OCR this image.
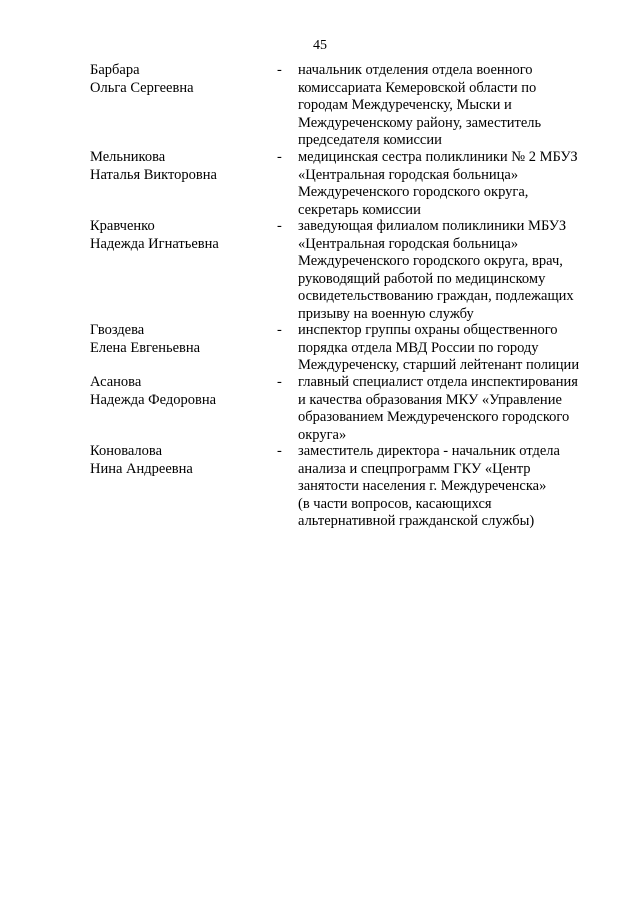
45
Барбара
Ольга Сергеевна
- начальник отделения отдела военного
комиссариата Кемеровской области по
городам Междуреченску, Мыски и
Междуреченскому району, заместитель
председателя комиссии
Мельникова
Наталья Викторовна
- медицинская сестра поликлиники № 2 МБУЗ
«Центральная городская больница»
Междуреченского городского округа,
секретарь комиссии
Кравченко
Надежда Игнатьевна
- заведующая филиалом поликлиники МБУЗ
«Центральная городская больница»
Междуреченского городского округа, врач,
руководящий работой по медицинскому
освидетельствованию граждан, подлежащих
призыву на военную службу
Гвоздева
Елена Евгеньевна
- инспектор группы охраны общественного
порядка отдела МВД России по городу
Междуреченску, старший лейтенант полиции
Асанова
Надежда Федоровна
- главный специалист отдела инспектирования
и качества образования МКУ «Управление
образованием Междуреченского городского
округа»
Коновалова
Нина Андреевна
- заместитель директора - начальник отдела
анализа и спецпрограмм ГКУ «Центр
занятости населения г. Междуреченска»
(в части вопросов, касающихся
альтернативной гражданской службы)
